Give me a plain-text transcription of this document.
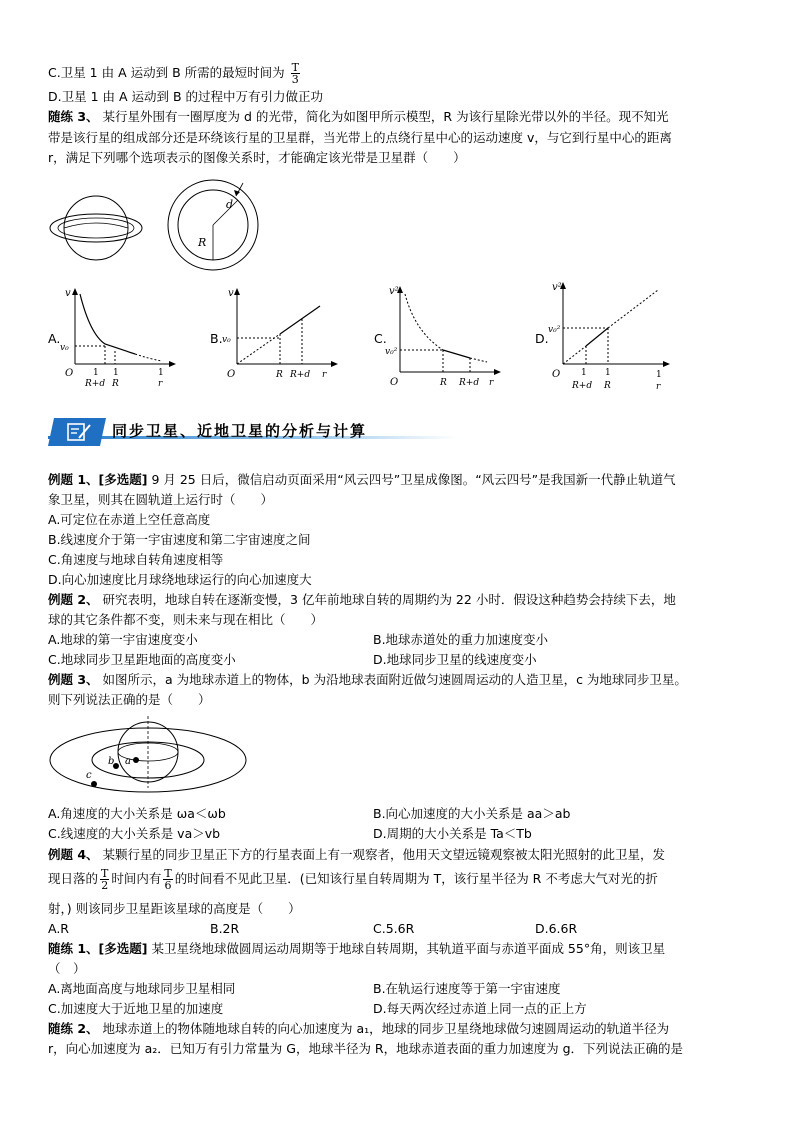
C.卫星 1 由 A 运动到 B 所需的最短时间为 $\frac{T}{3}$
D.卫星 1 由 A 运动到 B 的过程中万有引力做正功
随练 3、 某行星外围有一圈厚度为 d 的光带，简化为如图甲所示模型，R 为该行星除光带以外的半径。现不知光
带是该行星的组成部分还是环绕该行星的卫星群，当光带上的点绕行星中心的运动速度 v，与它到行星中心的距离
r，满足下列哪个选项表示的图像关系时，才能确定该光带是卫星群（　　）
d
R
A.
v
v₀
O 1
R+d
1
R
1
r
B.
v
v₀
O	R R+d r
C.
v²
v₀²
O	R R+d r
D.
v²
v₀²
O 1
R+d
1
R
1
r
同步卫星、近地卫星的分析与计算
例题 1、[多选题] 9 月 25 日后，微信启动页面采用“风云四号”卫星成像图。“风云四号”是我国新一代静止轨道气
象卫星，则其在圆轨道上运行时（　　）
A.可定位在赤道上空任意高度
B.线速度介于第一宇宙速度和第二宇宙速度之间
C.角速度与地球自转角速度相等
D.向心加速度比月球绕地球运行的向心加速度大
例题 2、 研究表明，地球自转在逐渐变慢，3 亿年前地球自转的周期约为 22 小时．假设这种趋势会持续下去，地
球的其它条件都不变，则未来与现在相比（　　）
A.地球的第一宇宙速度变小	B.地球赤道处的重力加速度变小
C.地球同步卫星距地面的高度变小	D.地球同步卫星的线速度变小
例题 3、 如图所示，a 为地球赤道上的物体，b 为沿地球表面附近做匀速圆周运动的人造卫星，c 为地球同步卫星。
则下列说法正确的是（　　）
a
b
c
A.角速度的大小关系是 ωa＜ωb	B.向心加速度的大小关系是 aa＞ab
C.线速度的大小关系是 va＞vb	D.周期的大小关系是 Ta＜Tb
例题 4、 某颗行星的同步卫星正下方的行星表面上有一观察者，他用天文望远镜观察被太阳光照射的此卫星，发
现日落的 $\frac{T}{2}$ 时间内有 $\frac{T}{6}$ 的时间看不见此卫星．(已知该行星自转周期为 T，该行星半径为 R 不考虑大气对光的折
射，) 则该同步卫星距该星球的高度是（　　）
A.R	B.2R	C.5.6R	D.6.6R
随练 1、[多选题] 某卫星绕地球做圆周运动周期等于地球自转周期，其轨道平面与赤道平面成 55°角，则该卫星
（　）
A.离地面高度与地球同步卫星相同	B.在轨运行速度等于第一宇宙速度
C.加速度大于近地卫星的加速度	D.每天两次经过赤道上同一点的正上方
随练 2、 地球赤道上的物体随地球自转的向心加速度为 a₁，地球的同步卫星绕地球做匀速圆周运动的轨道半径为
r，向心加速度为 a₂．已知万有引力常量为 G，地球半径为 R，地球赤道表面的重力加速度为 g．下列说法正确的是
